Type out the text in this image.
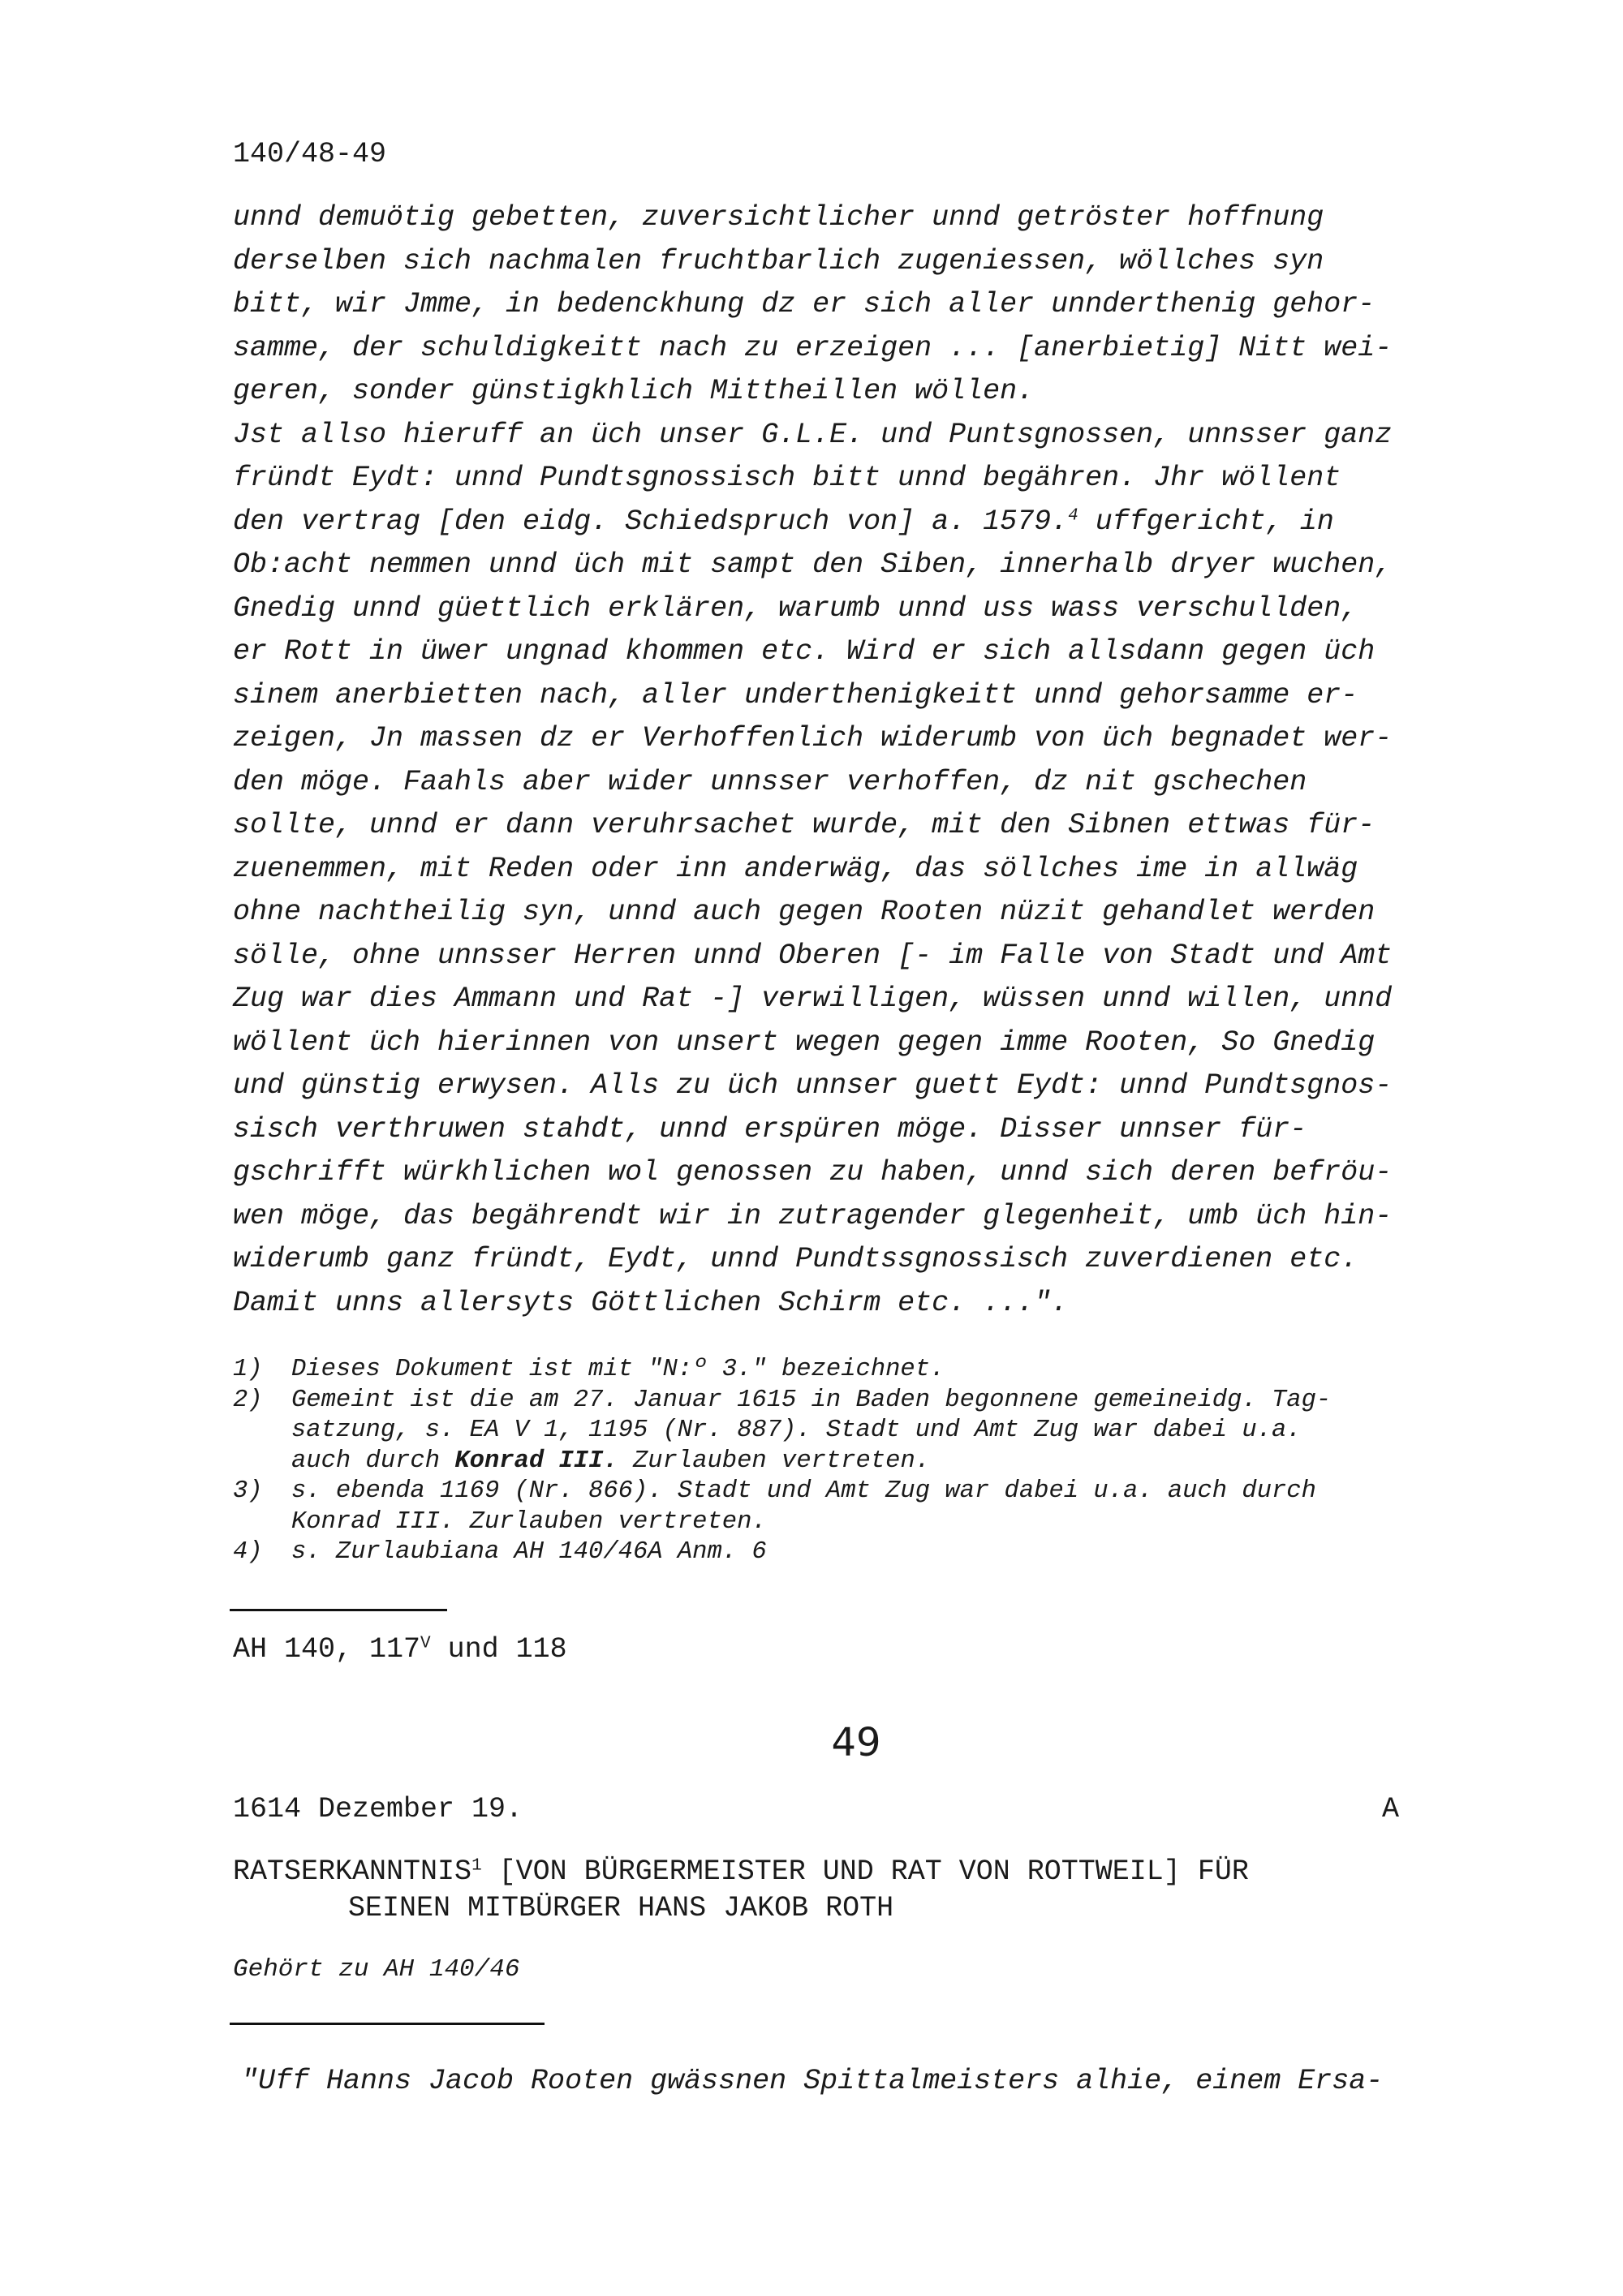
140/48-49
unnd demuötig gebetten, zuversichtlicher unnd getröster hoffnung
derselben sich nachmalen fruchtbarlich zugeniessen, wöllches syn
bitt, wir Jmme, in bedenckhung dz er sich aller unnderthenig gehor-
samme, der schuldigkeitt nach zu erzeigen ... [anerbietig] Nitt wei-
geren, sonder günstigkhlich Mittheillen wöllen.
Jst allso hieruff an üch unser G.L.E. und Puntsgnossen, unnsser ganz
fründt Eydt: unnd Pundtsgnossisch bitt unnd begähren. Jhr wöllent
den vertrag [den eidg. Schiedspruch von] a. 1579.$^4$ uffgericht, in
Ob:acht nemmen unnd üch mit sampt den Siben, innerhalb dryer wuchen,
Gnedig unnd güettlich erklären, warumb unnd uss wass verschullden,
er Rott in üwer ungnad khommen etc. Wird er sich allsdann gegen üch
sinem anerbietten nach, aller underthenigkeitt unnd gehorsamme er-
zeigen, Jn massen dz er Verhoffenlich widerumb von üch begnadet wer-
den möge. Faahls aber wider unnsser verhoffen, dz nit gschechen
sollte, unnd er dann veruhrsachet wurde, mit den Sibnen ettwas für-
zuenemmen, mit Reden oder inn anderwäg, das söllches ime in allwäg
ohne nachtheilig syn, unnd auch gegen Rooten nüzit gehandlet werden
sölle, ohne unnsser Herren unnd Oberen [- im Falle von Stadt und Amt
Zug war dies Ammann und Rat -] verwilligen, wüssen unnd willen, unnd
wöllent üch hierinnen von unsert wegen gegen imme Rooten, So Gnedig
und günstig erwysen. Alls zu üch unnser guett Eydt: unnd Pundtsgnos-
sisch verthruwen stahdt, unnd erspüren möge. Disser unnser für-
gschrifft würkhlichen wol genossen zu haben, unnd sich deren befröu-
wen möge, das begährendt wir in zutragender glegenheit, umb üch hin-
widerumb ganz fründt, Eydt, unnd Pundtssgnossisch zuverdienen etc.
Damit unns allersyts Göttlichen Schirm etc. ...".
1) Dieses Dokument ist mit "N:º 3." bezeichnet.
2) Gemeint ist die am 27. Januar 1615 in Baden begonnene gemeineidg. Tag-
satzung, s. EA V 1, 1195 (Nr. 887). Stadt und Amt Zug war dabei u.a.
auch durch Konrad III. Zurlauben vertreten.
3) s. ebenda 1169 (Nr. 866). Stadt und Amt Zug war dabei u.a. auch durch
Konrad III. Zurlauben vertreten.
4) s. Zurlaubiana AH 140/46A Anm. 6
AH 140, $117^V$ und 118
49
1614 Dezember 19.	A
RATSERKANNTNIS$^1$ [VON BÜRGERMEISTER UND RAT VON ROTTWEIL] FÜR
SEINEN MITBÜRGER HANS JAKOB ROTH
Gehört zu AH 140/46
"Uff Hanns Jacob Rooten gwässnen Spittalmeisters alhie, einem Ersa-
